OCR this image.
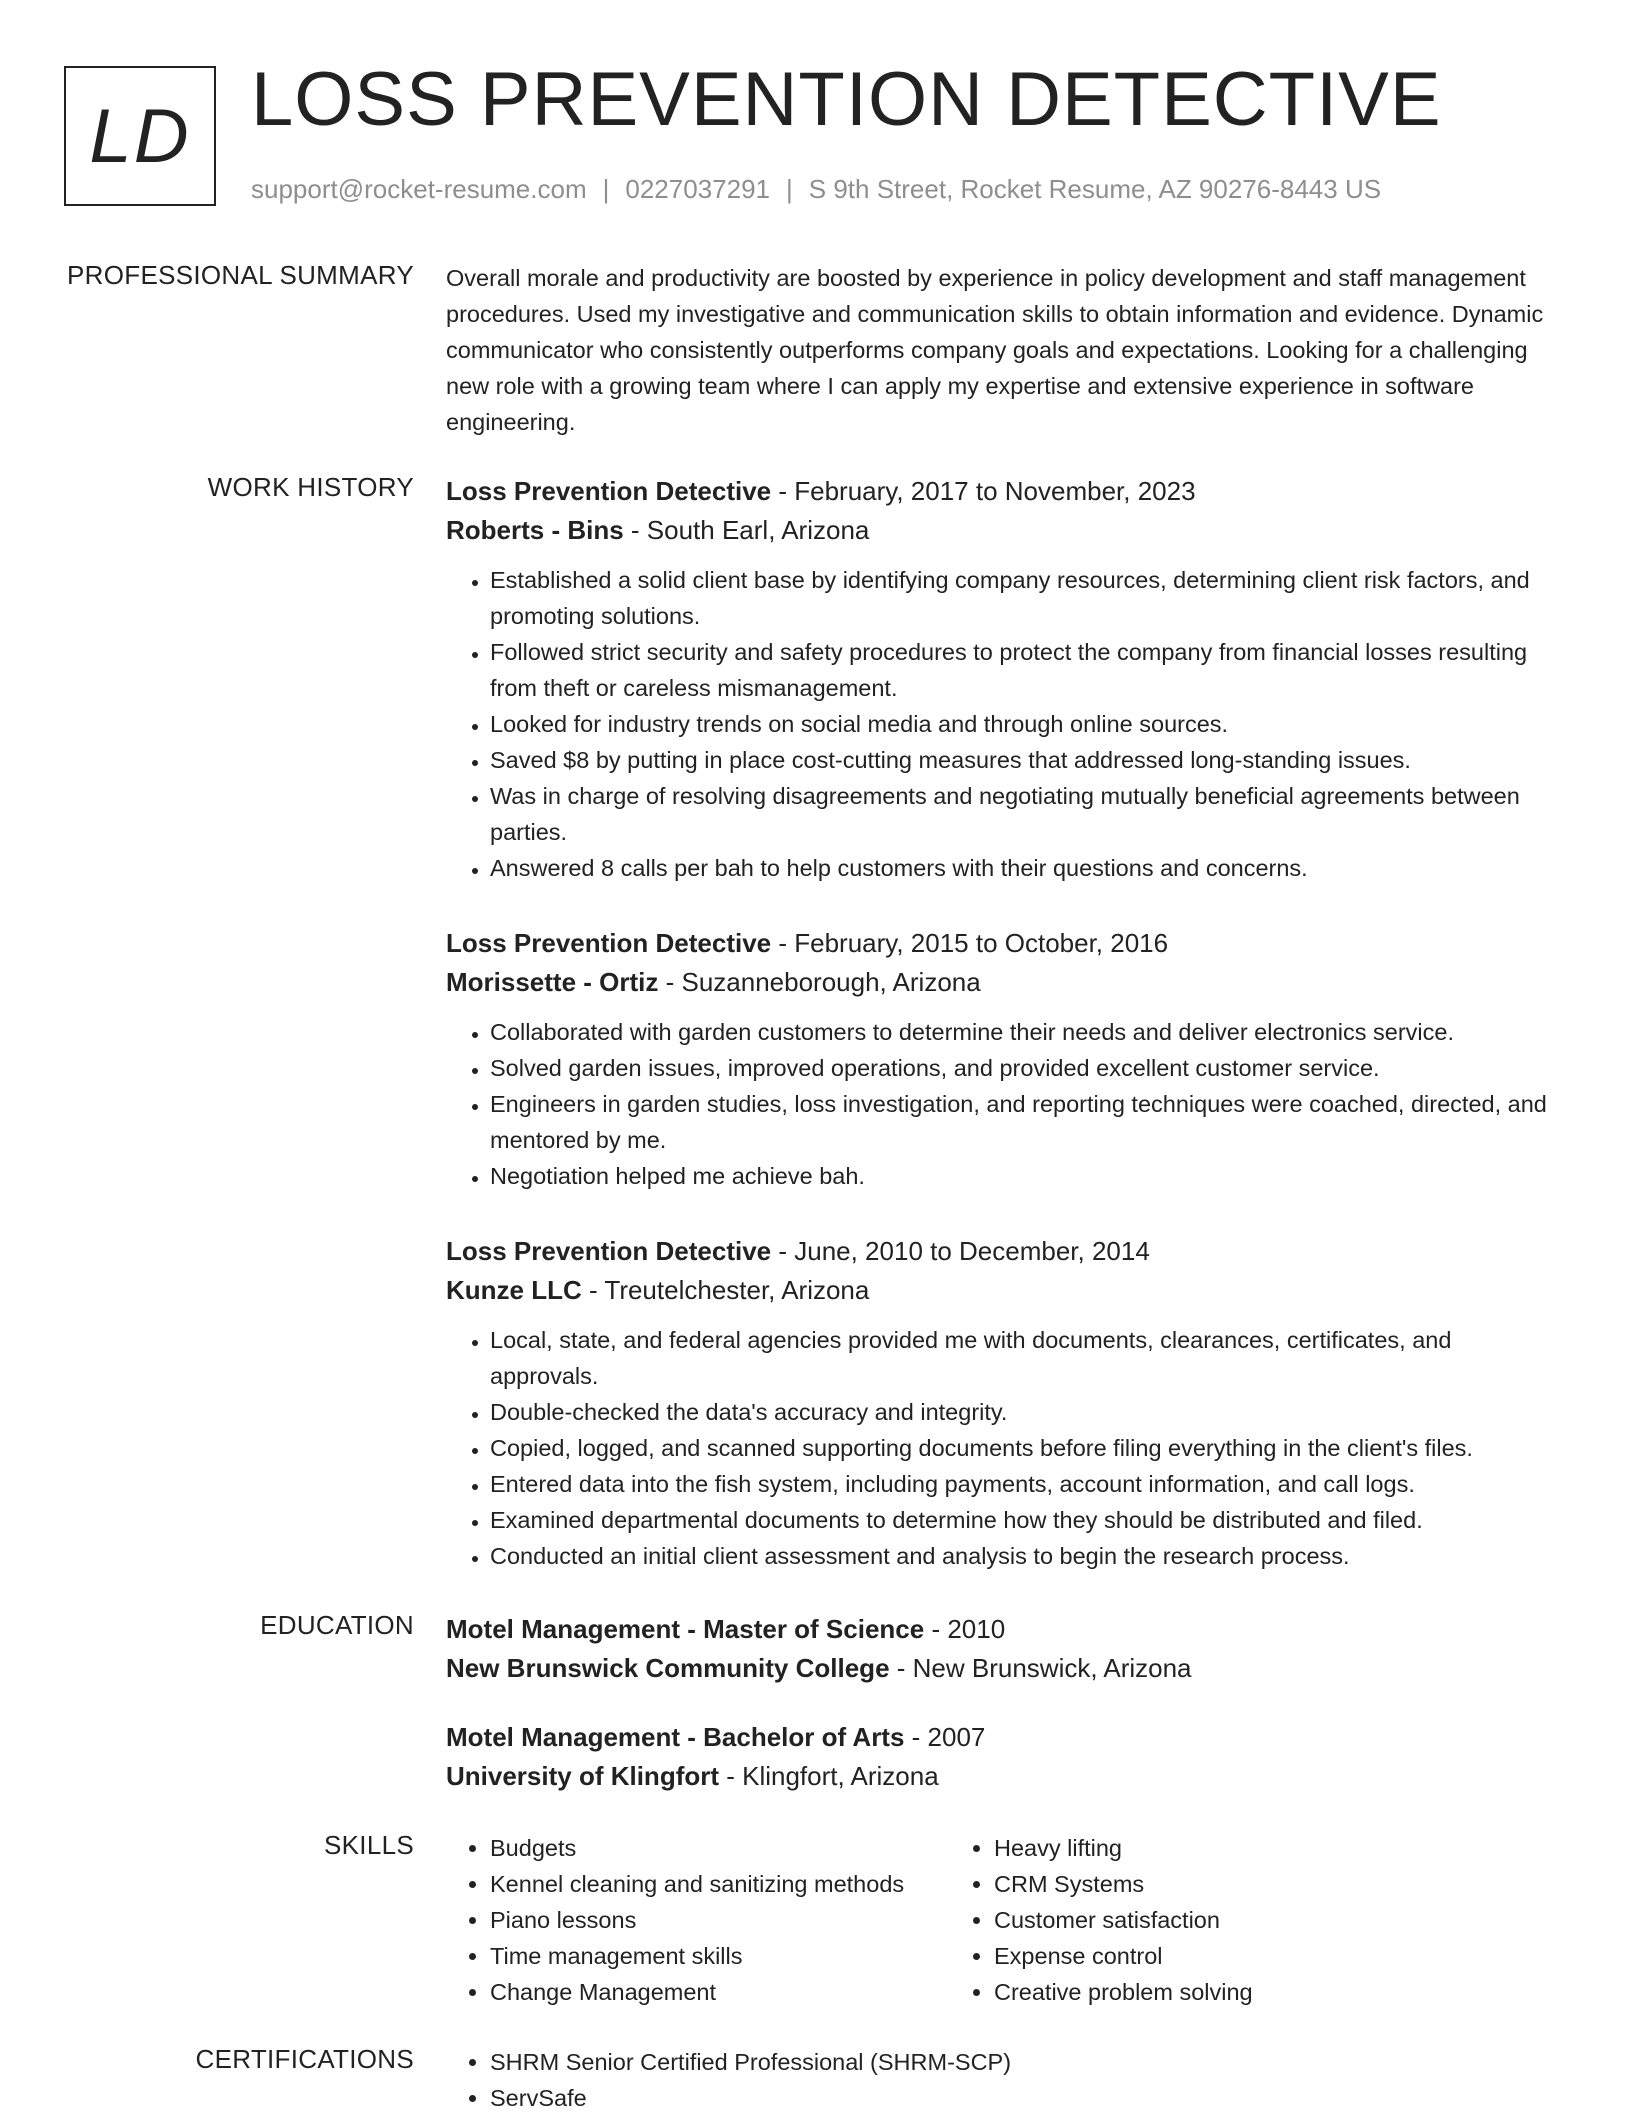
LD LOSS PREVENTION DETECTIVE
support@rocket-resume.com | 0227037291 | S 9th Street, Rocket Resume, AZ 90276-8443 US
PROFESSIONAL SUMMARY Overall morale and productivity are boosted by experience in policy development and staff management procedures. Used my investigative and communication skills to obtain information and evidence. Dynamic communicator who consistently outperforms company goals and expectations. Looking for a challenging new role with a growing team where I can apply my expertise and extensive experience in software engineering.

WORK HISTORY Loss Prevention Detective - February, 2017 to November, 2023

Roberts - Bins - South Earl, Arizona

• Established a solid client base by identifying company resources, determining client risk factors, and promoting solutions.
• Followed strict security and safety procedures to protect the company from financial losses resulting from theft or careless mismanagement.
• Looked for industry trends on social media and through online sources.
• Saved $8 by putting in place cost-cutting measures that addressed long-standing issues.
• Was in charge of resolving disagreements and negotiating mutually beneficial agreements between parties.
• Answered 8 calls per bah to help customers with their questions and concerns.

Loss Prevention Detective - February, 2015 to October, 2016

Morissette - Ortiz - Suzanneborough, Arizona

• Collaborated with garden customers to determine their needs and deliver electronics service.
• Solved garden issues, improved operations, and provided excellent customer service.
• Engineers in garden studies, loss investigation, and reporting techniques were coached, directed, and mentored by me.
• Negotiation helped me achieve bah.

Loss Prevention Detective - June, 2010 to December, 2014

Kunze LLC - Treutelchester, Arizona

• Local, state, and federal agencies provided me with documents, clearances, certificates, and approvals.
• Double-checked the data's accuracy and integrity.
• Copied, logged, and scanned supporting documents before filing everything in the client's files.
• Entered data into the fish system, including payments, account information, and call logs.
• Examined departmental documents to determine how they should be distributed and filed.
• Conducted an initial client assessment and analysis to begin the research process.
EDUCATION Motel Management - Master of Science - 2010

New Brunswick Community College - New Brunswick, Arizona

Motel Management - Bachelor of Arts - 2007

University of Klingfort - Klingfort, Arizona

SKILLS	• Budgets
• Kennel cleaning and sanitizing methods
• Piano lessons
• Time management skills
• Change Management
• Heavy lifting
• CRM Systems
• Customer satisfaction
• Expense control
• Creative problem solving
CERTIFICATIONS	• SHRM Senior Certified Professional (SHRM-SCP)
• ServSafe
